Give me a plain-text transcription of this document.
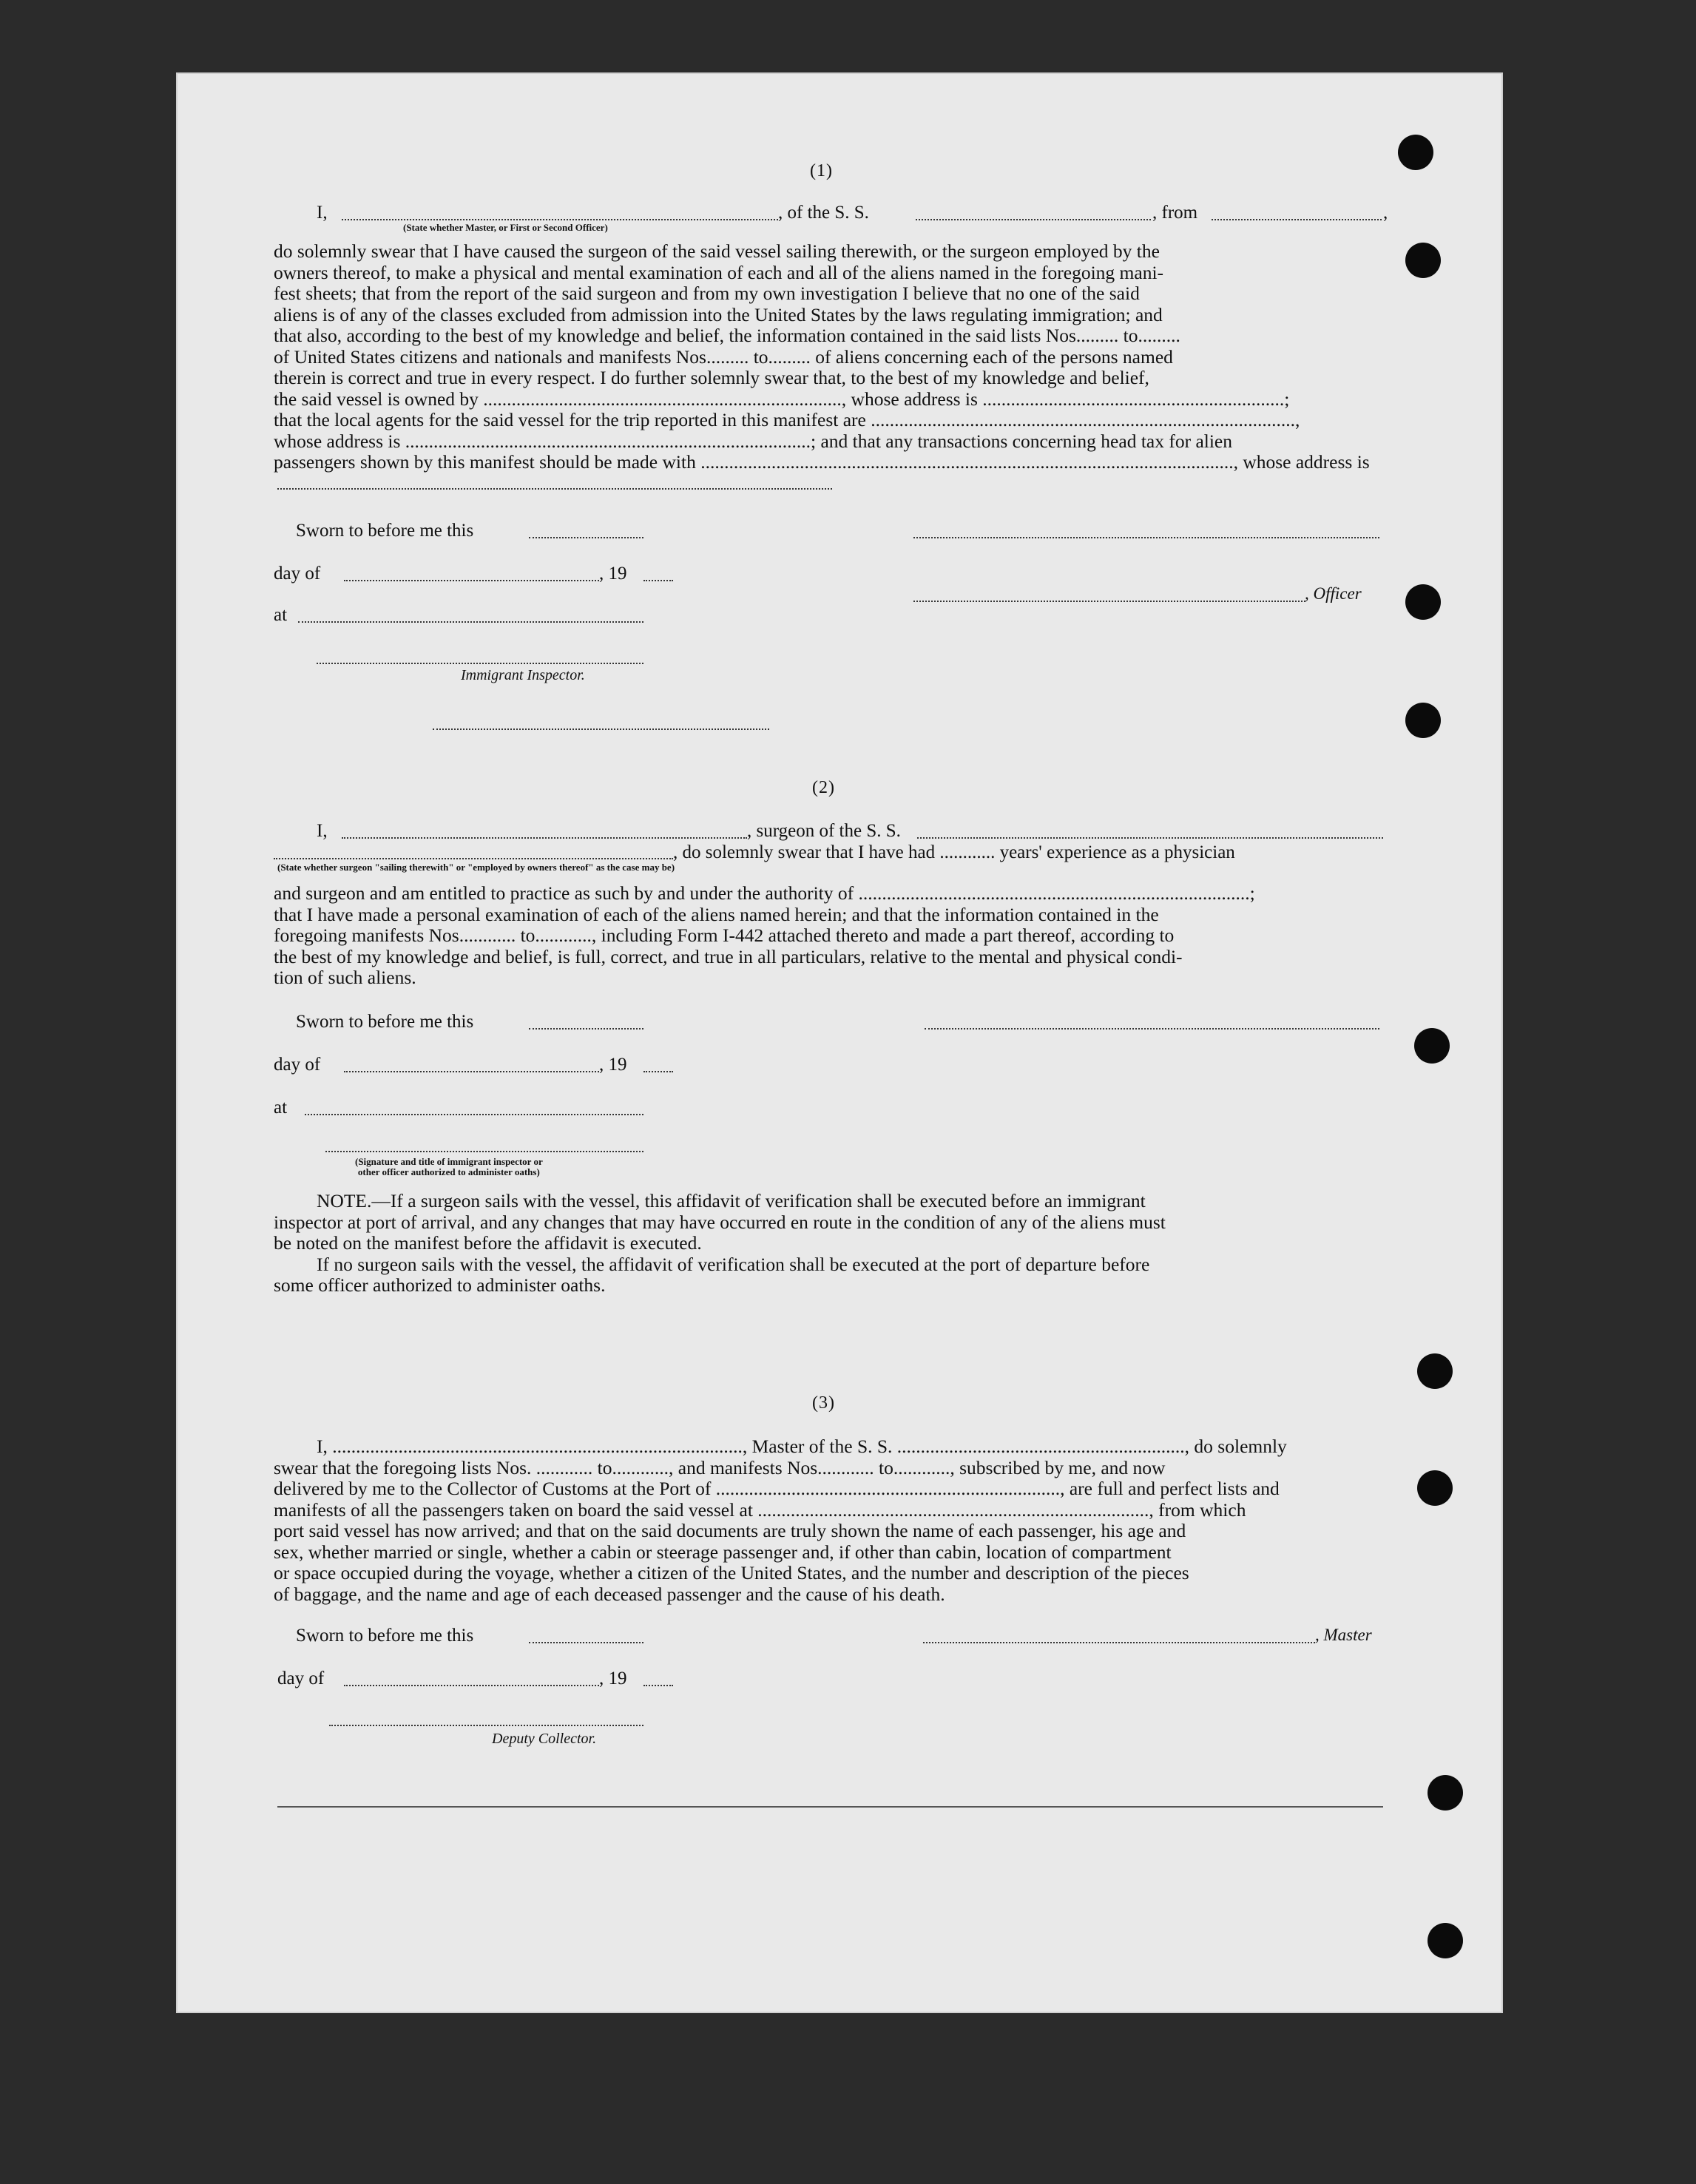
(1)
I,	, of the S. S.	, from	,
(State whether Master, or First or Second Officer)
do solemnly swear that I have caused the surgeon of the said vessel sailing therewith, or the surgeon employed by the
owners thereof, to make a physical and mental examination of each and all of the aliens named in the foregoing mani-
fest sheets; that from the report of the said surgeon and from my own investigation I believe that no one of the said
aliens is of any of the classes excluded from admission into the United States by the laws regulating immigration; and
that also, according to the best of my knowledge and belief, the information contained in the said lists Nos......... to.........
of United States citizens and nationals and manifests Nos......... to......... of aliens concerning each of the persons named
therein is correct and true in every respect. I do further solemnly swear that, to the best of my knowledge and belief,
the said vessel is owned by ............................................................................, whose address is ................................................................;
that the local agents for the said vessel for the trip reported in this manifest are ..........................................................................................,
whose address is ......................................................................................; and that any transactions concerning head tax for alien
passengers shown by this manifest should be made with ................................................................................................................., whose address is
Sworn to before me this
day of	, 19
at
Immigrant Inspector.
, Officer
(2)
I,	, surgeon of the S. S.
, do solemnly swear that I have had ............ years' experience as a physician
(State whether surgeon "sailing therewith" or "employed by owners thereof" as the case may be)
and surgeon and am entitled to practice as such by and under the authority of ...................................................................................;
that I have made a personal examination of each of the aliens named herein; and that the information contained in the
foregoing manifests Nos............ to............, including Form I-442 attached thereto and made a part thereof, according to
the best of my knowledge and belief, is full, correct, and true in all particulars, relative to the mental and physical condi-
tion of such aliens.
Sworn to before me this
day of	, 19
at
(Signature and title of immigrant inspector or
other officer authorized to administer oaths)
NOTE.—If a surgeon sails with the vessel, this affidavit of verification shall be executed before an immigrant
inspector at port of arrival, and any changes that may have occurred en route in the condition of any of the aliens must
be noted on the manifest before the affidavit is executed.
If no surgeon sails with the vessel, the affidavit of verification shall be executed at the port of departure before
some officer authorized to administer oaths.
(3)
I, ......................................................................................., Master of the S. S. ............................................................., do solemnly
swear that the foregoing lists Nos. ............ to............, and manifests Nos............ to............, subscribed by me, and now
delivered by me to the Collector of Customs at the Port of ........................................................................., are full and perfect lists and
manifests of all the passengers taken on board the said vessel at ..................................................................................., from which
port said vessel has now arrived; and that on the said documents are truly shown the name of each passenger, his age and
sex, whether married or single, whether a cabin or steerage passenger and, if other than cabin, location of compartment
or space occupied during the voyage, whether a citizen of the United States, and the number and description of the pieces
of baggage, and the name and age of each deceased passenger and the cause of his death.
Sworn to before me this	, Master
day of	, 19
Deputy Collector.
